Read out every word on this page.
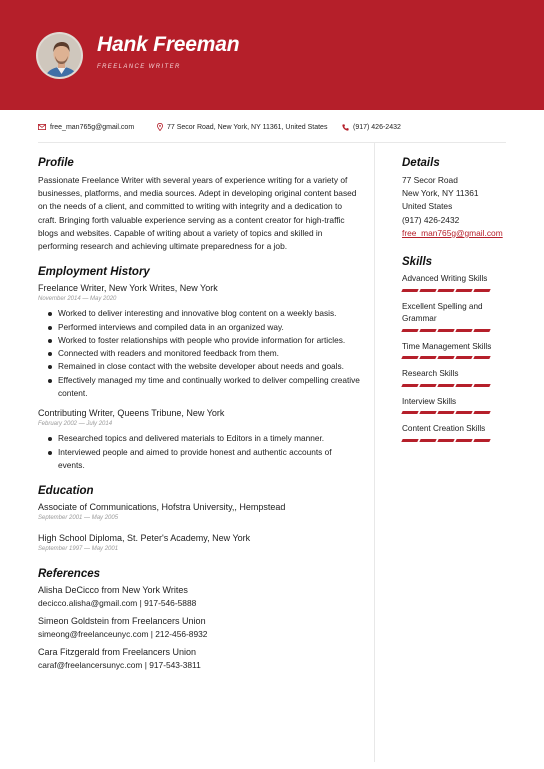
Hank Freeman
FREELANCE WRITER
free_man765g@gmail.com	77 Secor Road, New York, NY 11361, United States	(917) 426-2432
Profile

Passionate Freelance Writer with several years of experience writing for a variety of businesses, platforms, and media sources. Adept in developing original content based on the needs of a client, and committed to writing with integrity and a dedication to craft. Bringing forth valuable experience serving as a content creator for high-traffic blogs and websites. Capable of writing about a variety of topics and skilled in performing research and achieving ultimate preparedness for a job.

Employment History

Freelance Writer, New York Writes, New York

November 2014 — May 2020
Worked to deliver interesting and innovative blog content on a weekly basis.
Performed interviews and compiled data in an organized way.
Worked to foster relationships with people who provide information for articles.
Connected with readers and monitored feedback from them.
Remained in close contact with the website developer about needs and goals.
Effectively managed my time and continually worked to deliver compelling creative content.

Contributing Writer, Queens Tribune, New York

February 2002 — July 2014
Researched topics and delivered materials to Editors in a timely manner.
Interviewed people and aimed to provide honest and authentic accounts of events.
Education

Associate of Communications, Hofstra University,, Hempstead

September 2001 — May 2005

High School Diploma, St. Peter's Academy, New York

September 1997 — May 2001
References

Alisha DeCicco from New York Writes

decicco.alisha@gmail.com | 917-546-5888

Simeon Goldstein from Freelancers Union

simeong@freelanceunyc.com | 212-456-8932

Cara Fitzgerald from Freelancers Union

caraf@freelancersunyc.com | 917-543-3811

Details

77 Secor Road

New York, NY 11361

United States

(917) 426-2432

free_man765g@gmail.com

Skills
Advanced Writing Skills
Excellent Spelling and Grammar
Time Management Skills
Research Skills
Interview Skills
Content Creation Skills
